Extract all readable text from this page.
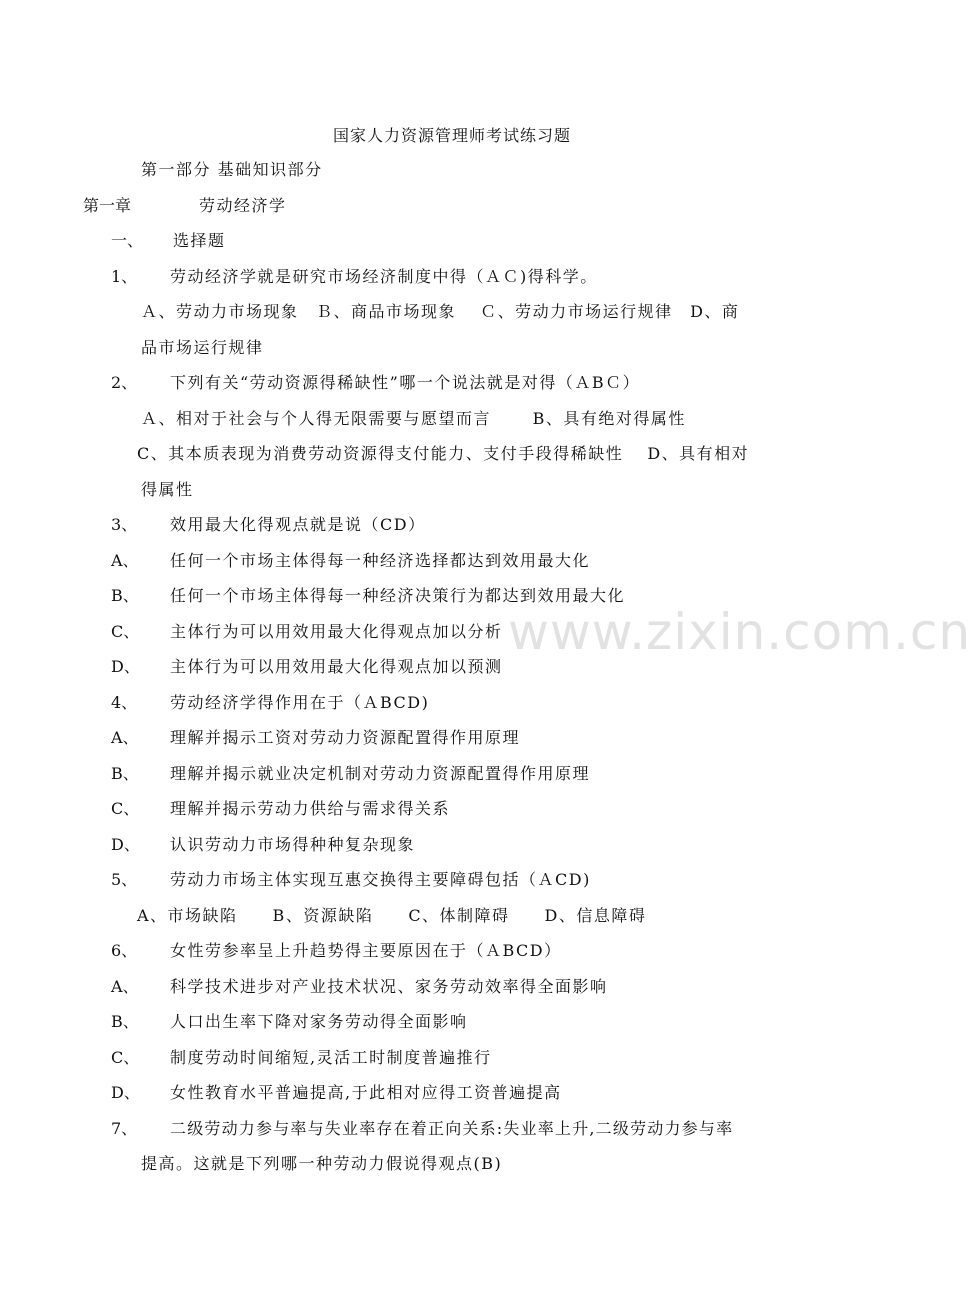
www.zixin.com.cn
国家人力资源管理师考试练习题
第一部分 基础知识部分
第一章	劳动经济学
一、 选择题
1、 劳动经济学就是研究市场经济制度中得（ＡＣ)得科学。
Ａ、劳动力市场现象　Ｂ、商品市场现象　 Ｃ、劳动力市场运行规律　D、商
品市场运行规律
2、 下列有关“劳动资源得稀缺性”哪一个说法就是对得（ＡBＣ）
Ａ、相对于社会与个人得无限需要与愿望而言　　 B、具有绝对得属性
C、其本质表现为消费劳动资源得支付能力、支付手段得稀缺性　 D、具有相对
得属性
3、 效用最大化得观点就是说（CD）
A、 任何一个市场主体得每一种经济选择都达到效用最大化
B、 任何一个市场主体得每一种经济决策行为都达到效用最大化
C、 主体行为可以用效用最大化得观点加以分析
D、 主体行为可以用效用最大化得观点加以预测
4、 劳动经济学得作用在于（ＡBCD)
A、 理解并揭示工资对劳动力资源配置得作用原理
B、 理解并揭示就业决定机制对劳动力资源配置得作用原理
C、 理解并揭示劳动力供给与需求得关系
D、 认识劳动力市场得种种复杂现象
5、 劳动力市场主体实现互惠交换得主要障碍包括（ＡCD)
A、市场缺陷　　B、资源缺陷　　C、体制障碍　　D、信息障碍
6、 女性劳参率呈上升趋势得主要原因在于（ＡBCD）
A、 科学技术进步对产业技术状况、家务劳动效率得全面影响
B、 人口出生率下降对家务劳动得全面影响
C、 制度劳动时间缩短,灵活工时制度普遍推行
D、 女性教育水平普遍提高,于此相对应得工资普遍提高
7、 二级劳动力参与率与失业率存在着正向关系:失业率上升,二级劳动力参与率
提高。这就是下列哪一种劳动力假说得观点(B)
